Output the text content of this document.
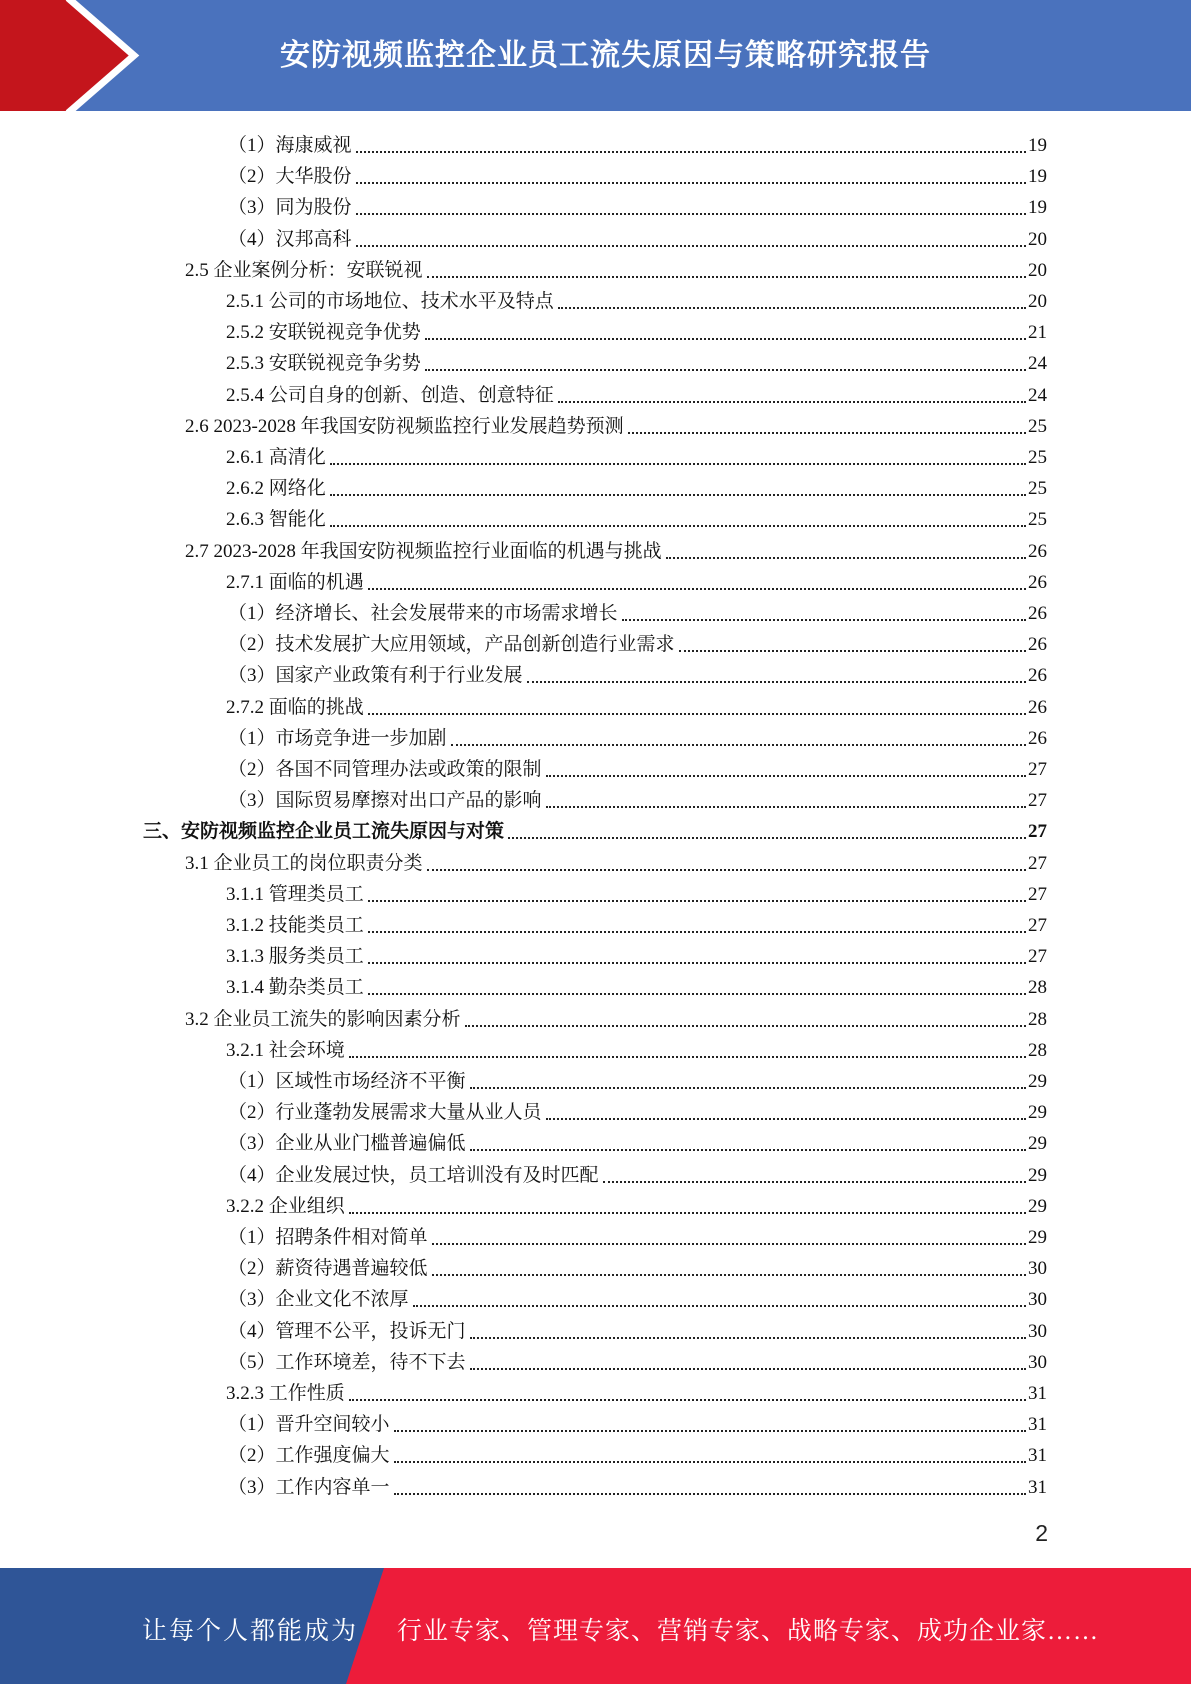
安防视频监控企业员工流失原因与策略研究报告
（1）海康威视	19
（2）大华股份	19
（3）同为股份	19
（4）汉邦高科	20
2.5 企业案例分析：安联锐视	20
2.5.1 公司的市场地位、技术水平及特点	20
2.5.2 安联锐视竞争优势	21
2.5.3 安联锐视竞争劣势	24
2.5.4 公司自身的创新、创造、创意特征	24
2.6 2023-2028 年我国安防视频监控行业发展趋势预测	25
2.6.1 高清化	25
2.6.2 网络化	25
2.6.3 智能化	25
2.7 2023-2028 年我国安防视频监控行业面临的机遇与挑战	26
2.7.1 面临的机遇	26
（1）经济增长、社会发展带来的市场需求增长	26
（2）技术发展扩大应用领域，产品创新创造行业需求	26
（3）国家产业政策有利于行业发展	26
2.7.2 面临的挑战	26
（1）市场竞争进一步加剧	26
（2）各国不同管理办法或政策的限制	27
（3）国际贸易摩擦对出口产品的影响	27
三、安防视频监控企业员工流失原因与对策	27
3.1 企业员工的岗位职责分类	27
3.1.1 管理类员工	27
3.1.2 技能类员工	27
3.1.3 服务类员工	27
3.1.4 勤杂类员工	28
3.2 企业员工流失的影响因素分析	28
3.2.1 社会环境	28
（1）区域性市场经济不平衡	29
（2）行业蓬勃发展需求大量从业人员	29
（3）企业从业门槛普遍偏低	29
（4）企业发展过快，员工培训没有及时匹配	29
3.2.2 企业组织	29
（1）招聘条件相对简单	29
（2）薪资待遇普遍较低	30
（3）企业文化不浓厚	30
（4）管理不公平，投诉无门	30
（5）工作环境差，待不下去	30
3.2.3 工作性质	31
（1）晋升空间较小	31
（2）工作强度偏大	31
（3）工作内容单一	31
2
让每个人都能成为 行业专家、管理专家、营销专家、战略专家、成功企业家……
